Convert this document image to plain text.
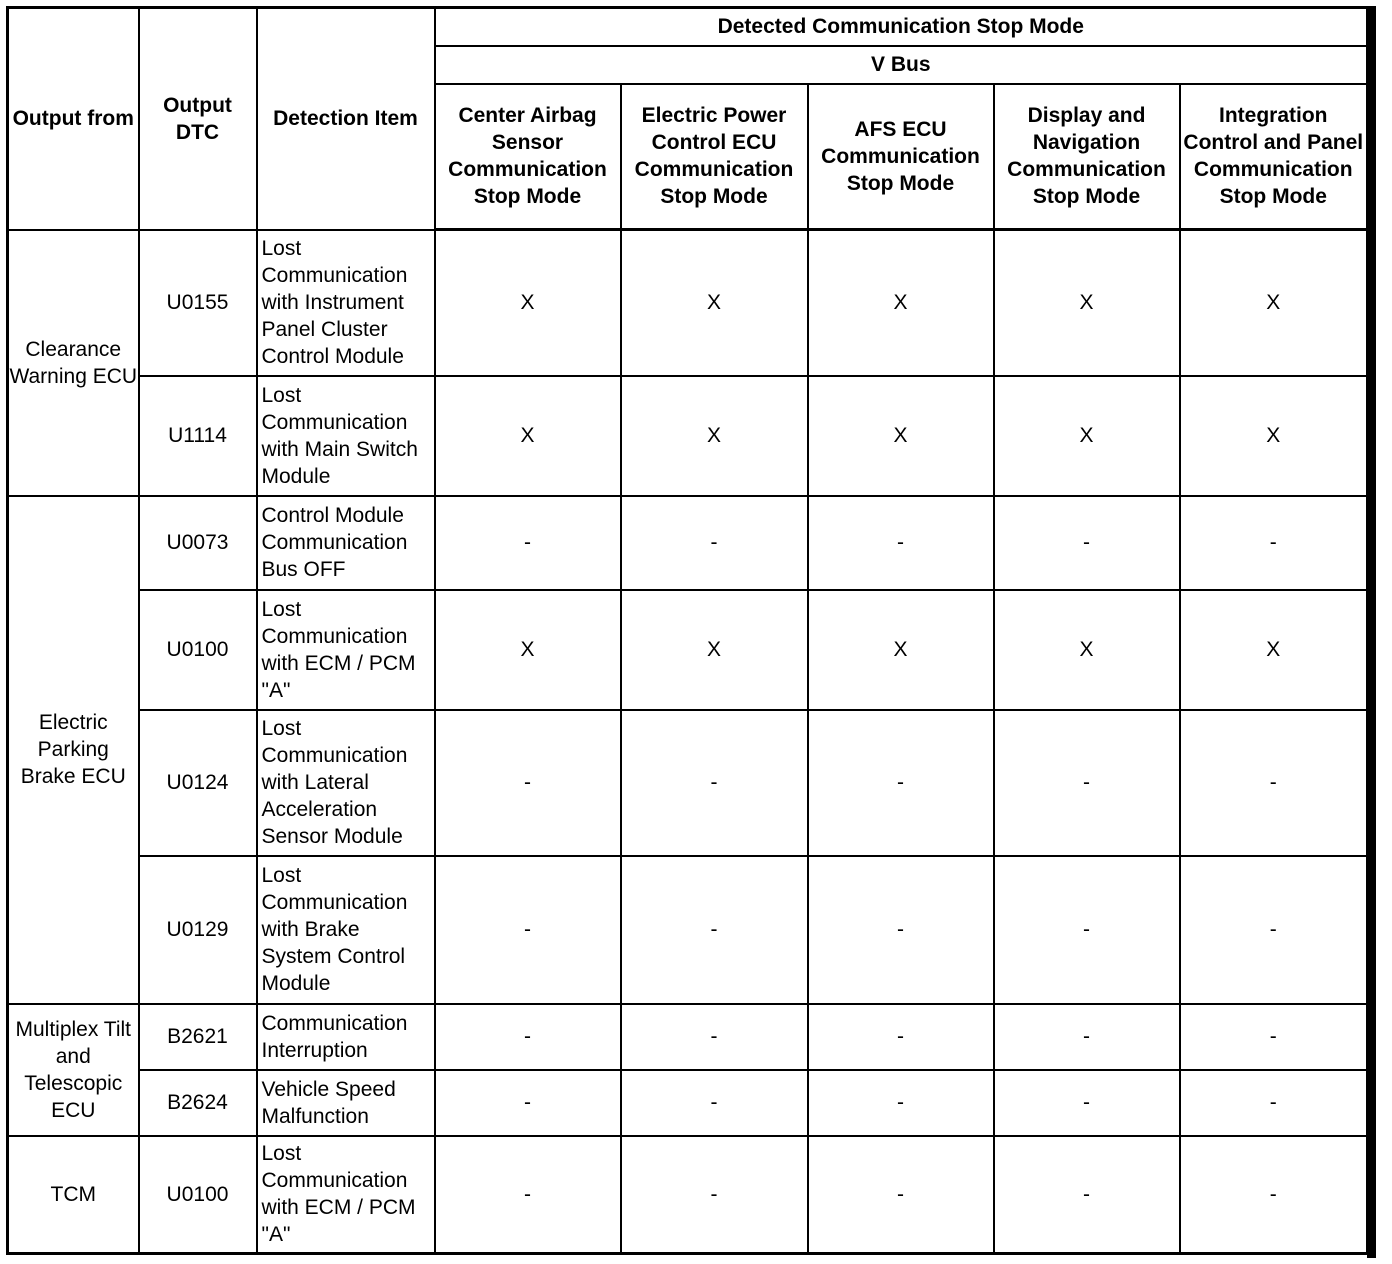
Output from	Output DTC	Detection Item	Detected Communication Stop Mode				
			V Bus				
			Center Airbag Sensor Communication Stop Mode	Electric Power Control ECU Communication Stop Mode	AFS ECU Communication Stop Mode	Display and Navigation Communication Stop Mode	Integration Control and Panel Communication Stop Mode
Clearance Warning ECU	U0155	Lost Communication with Instrument Panel Cluster Control Module	X	X	X	X	X
	U1114	Lost Communication with Main Switch Module	X	X	X	X	X
Electric Parking Brake ECU	U0073	Control Module Communication Bus OFF	-	-	-	-	-
	U0100	Lost Communication with ECM / PCM "A"	X	X	X	X	X
	U0124	Lost Communication with Lateral Acceleration Sensor Module	-	-	-	-	-
	U0129	Lost Communication with Brake System Control Module	-	-	-	-	-
Multiplex Tilt and Telescopic ECU	B2621	Communication Interruption	-	-	-	-	-
	B2624	Vehicle Speed Malfunction	-	-	-	-	-
TCM	U0100	Lost Communication with ECM / PCM "A"	-	-	-	-	-
